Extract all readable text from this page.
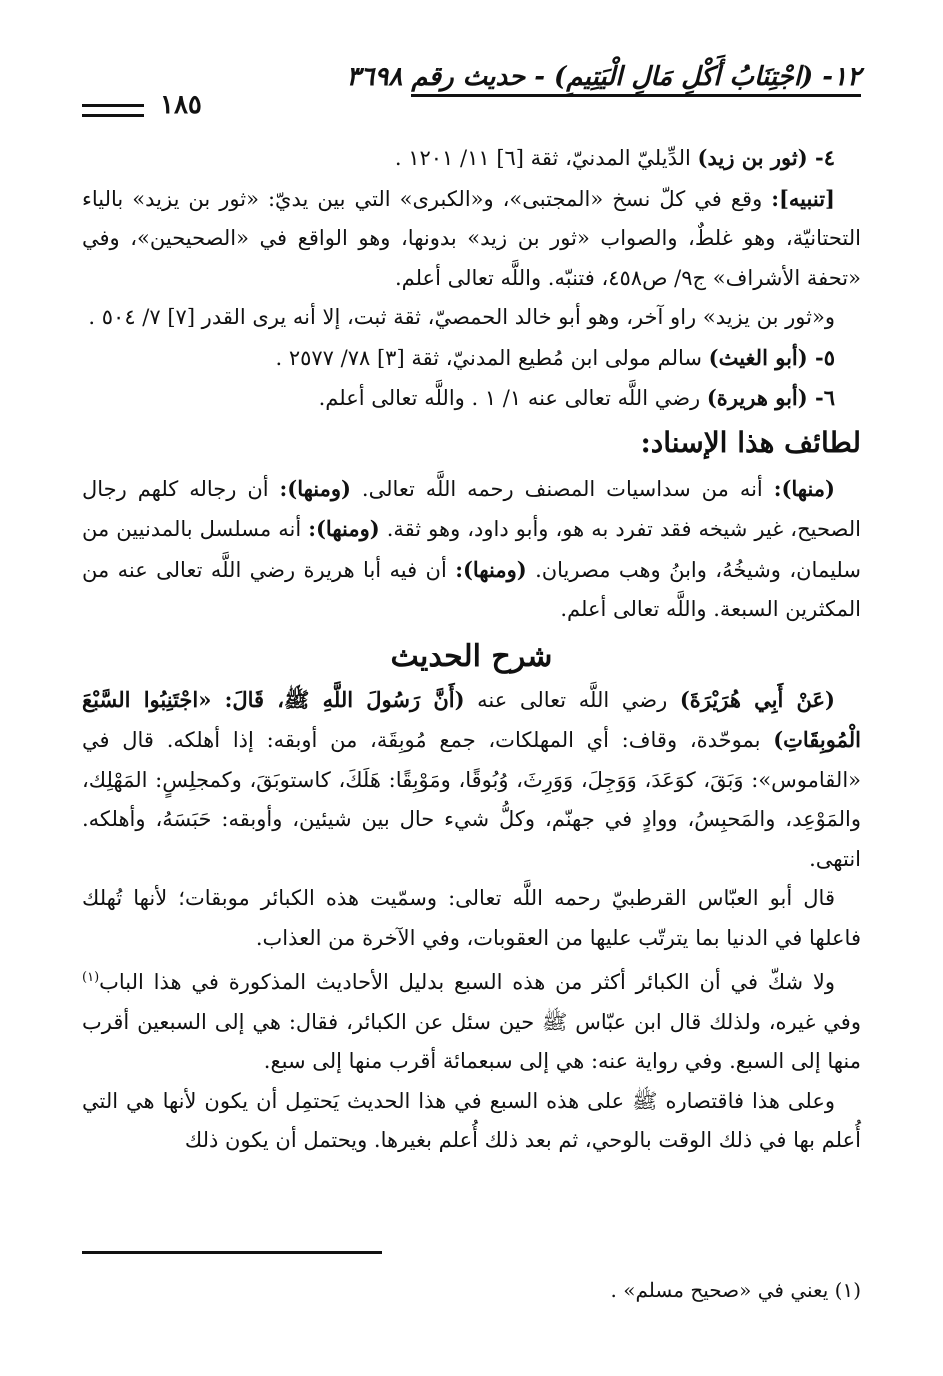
١٢- (اجْتِنَابُ أَكْلِ مَالِ الْيَتِيمِ) - حديث رقم ٣٦٩٨
١٨٥

٤- (ثور بن زيد) الدِّيليّ المدنيّ، ثقة [٦] ١١/ ١٢٠١ .

[تنبيه]: وقع في كلّ نسخ «المجتبى»، و«الكبرى» التي بين يديّ: «ثور بن يزيد» بالياء التحتانيّة، وهو غلطٌ، والصواب «ثور بن زيد» بدونها، وهو الواقع في «الصحيحين»، وفي «تحفة الأشراف» ج٩/ ص٤٥٨، فتنبّه. واللَّه تعالى أعلم.

و«ثور بن يزيد» راو آخر، وهو أبو خالد الحمصيّ، ثقة ثبت، إلا أنه يرى القدر [٧] ٧/ ٥٠٤ .

٥- (أبو الغيث) سالم مولى ابن مُطيع المدنيّ، ثقة [٣] ٧٨/ ٢٥٧٧ .

٦- (أبو هريرة) رضي اللَّه تعالى عنه ١/ ١ . واللَّه تعالى أعلم.

لطائف هذا الإسناد:

(منها): أنه من سداسيات المصنف رحمه اللَّه تعالى. (ومنها): أن رجاله كلهم رجال الصحيح، غير شيخه فقد تفرد به هو، وأبو داود، وهو ثقة. (ومنها): أنه مسلسل بالمدنيين من سليمان، وشيخُهُ، وابنُ وهب مصريان. (ومنها): أن فيه أبا هريرة رضي اللَّه تعالى عنه من المكثرين السبعة. واللَّه تعالى أعلم.

شرح الحديث

(عَنْ أَبِي هُرَيْرَةَ) رضي اللَّه تعالى عنه (أَنَّ رَسُولَ اللَّهِ ﷺ، قَالَ: «اجْتَنِبُوا السَّبْعَ الْمُوبِقَاتِ) بموحّدة، وقاف: أي المهلكات، جمع مُوبِقَة، من أوبقه: إذا أهلكه. قال في «القاموس»: وَبَقَ، كوَعَدَ، وَوَجِلَ، وَوَرِثَ، وُبُوقًا، ومَوْبِقًا: هَلَكَ، كاستوبَقَ، وكمجلِسٍ: المَهْلِك، والمَوْعِد، والمَحبِسُ، ووادٍ في جهنّم، وكلُّ شيء حال بين شيئين، وأوبقه: حَبَسَهُ، وأهلكه. انتهى.

قال أبو العبّاس القرطبيّ رحمه اللَّه تعالى: وسمّيت هذه الكبائر موبقات؛ لأنها تُهلك فاعلها في الدنيا بما يترتّب عليها من العقوبات، وفي الآخرة من العذاب.

ولا شكّ في أن الكبائر أكثر من هذه السبع بدليل الأحاديث المذكورة في هذا الباب$^{(١)}$ وفي غيره، ولذلك قال ابن عبّاس ﷺ حين سئل عن الكبائر، فقال: هي إلى السبعين أقرب منها إلى السبع. وفي رواية عنه: هي إلى سبعمائة أقرب منها إلى سبع.

وعلى هذا فاقتصاره ﷺ على هذه السبع في هذا الحديث يَحتمِل أن يكون لأنها هي التي أُعلم بها في ذلك الوقت بالوحي، ثم بعد ذلك أُعلم بغيرها. ويحتمل أن يكون ذلك

(١) يعني في «صحيح مسلم» .
